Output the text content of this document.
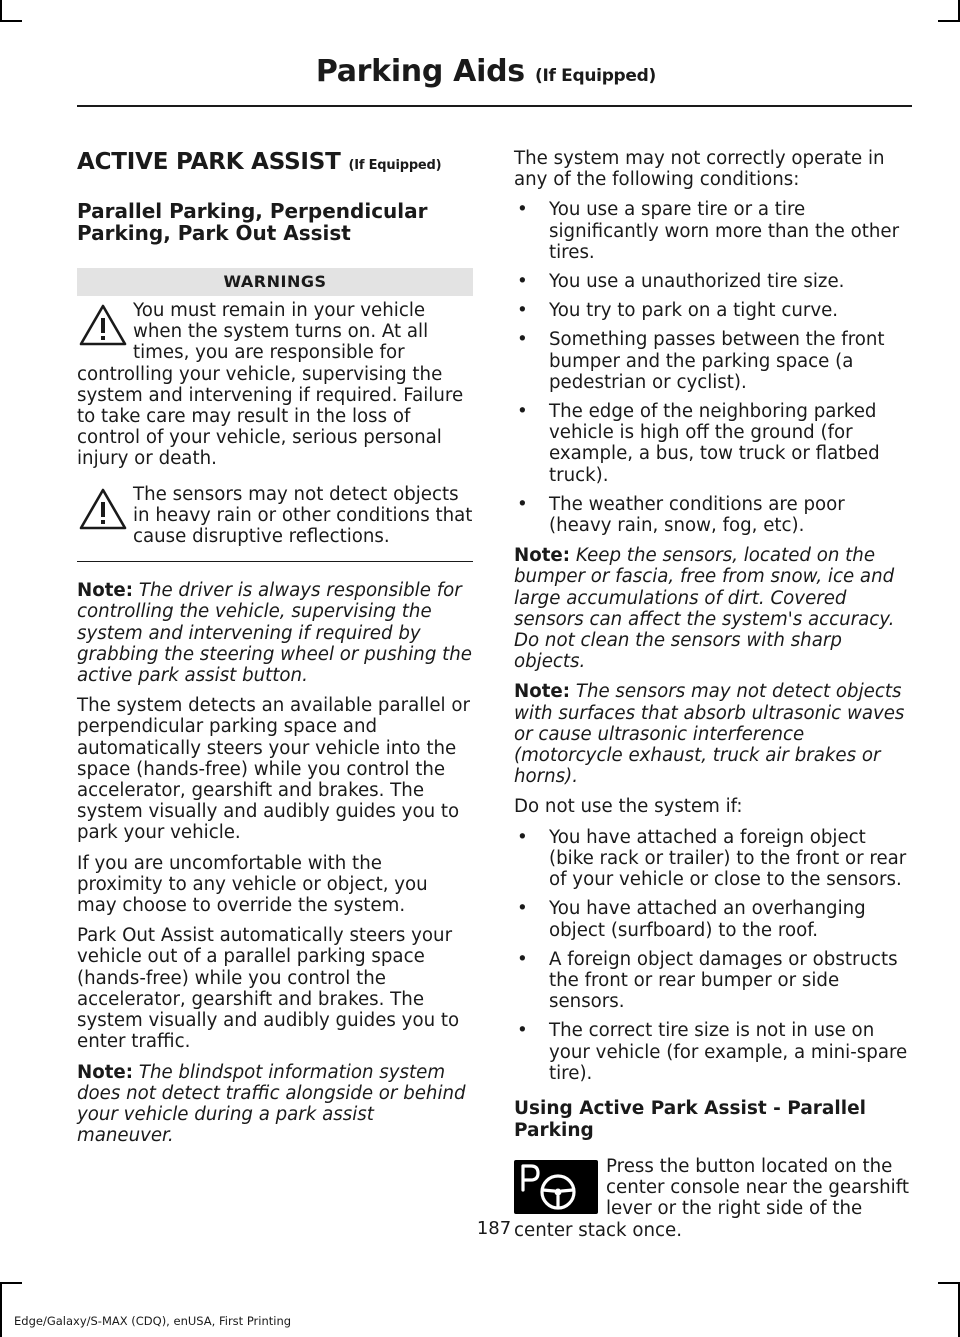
Parking Aids (If Equipped)
ACTIVE PARK ASSIST (If Equipped)
Parallel Parking, Perpendicular Parking, Park Out Assist
WARNINGS

You must remain in your vehicle when the system turns on. At all times, you are responsible for controlling your vehicle, supervising the system and intervening if required. Failure to take care may result in the loss of control of your vehicle, serious personal injury or death.

The sensors may not detect objects in heavy rain or other conditions that cause disruptive reflections.

Note: The driver is always responsible for controlling the vehicle, supervising the system and intervening if required by grabbing the steering wheel or pushing the active park assist button.

The system detects an available parallel or perpendicular parking space and automatically steers your vehicle into the space (hands-free) while you control the accelerator, gearshift and brakes. The system visually and audibly guides you to park your vehicle.

If you are uncomfortable with the proximity to any vehicle or object, you may choose to override the system.

Park Out Assist automatically steers your vehicle out of a parallel parking space (hands-free) while you control the accelerator, gearshift and brakes. The system visually and audibly guides you to enter traffic.

Note: The blindspot information system does not detect traffic alongside or behind your vehicle during a park assist maneuver.

The system may not correctly operate in any of the following conditions:

• You use a spare tire or a tire significantly worn more than the other tires.
• You use a unauthorized tire size.
• You try to park on a tight curve.
• Something passes between the front bumper and the parking space (a pedestrian or cyclist).
• The edge of the neighboring parked vehicle is high off the ground (for example, a bus, tow truck or flatbed truck).
• The weather conditions are poor (heavy rain, snow, fog, etc).

Note: Keep the sensors, located on the bumper or fascia, free from snow, ice and large accumulations of dirt. Covered sensors can affect the system's accuracy. Do not clean the sensors with sharp objects.

Note: The sensors may not detect objects with surfaces that absorb ultrasonic waves or cause ultrasonic interference (motorcycle exhaust, truck air brakes or horns).

Do not use the system if:

• You have attached a foreign object (bike rack or trailer) to the front or rear of your vehicle or close to the sensors.
• You have attached an overhanging object (surfboard) to the roof.
• A foreign object damages or obstructs the front or rear bumper or side sensors.
• The correct tire size is not in use on your vehicle (for example, a mini-spare tire).
Using Active Park Assist - Parallel Parking
Press the button located on the center console near the gearshift lever or the right side of the center stack once.
187
Edge/Galaxy/S-MAX (CDQ), enUSA, First Printing
